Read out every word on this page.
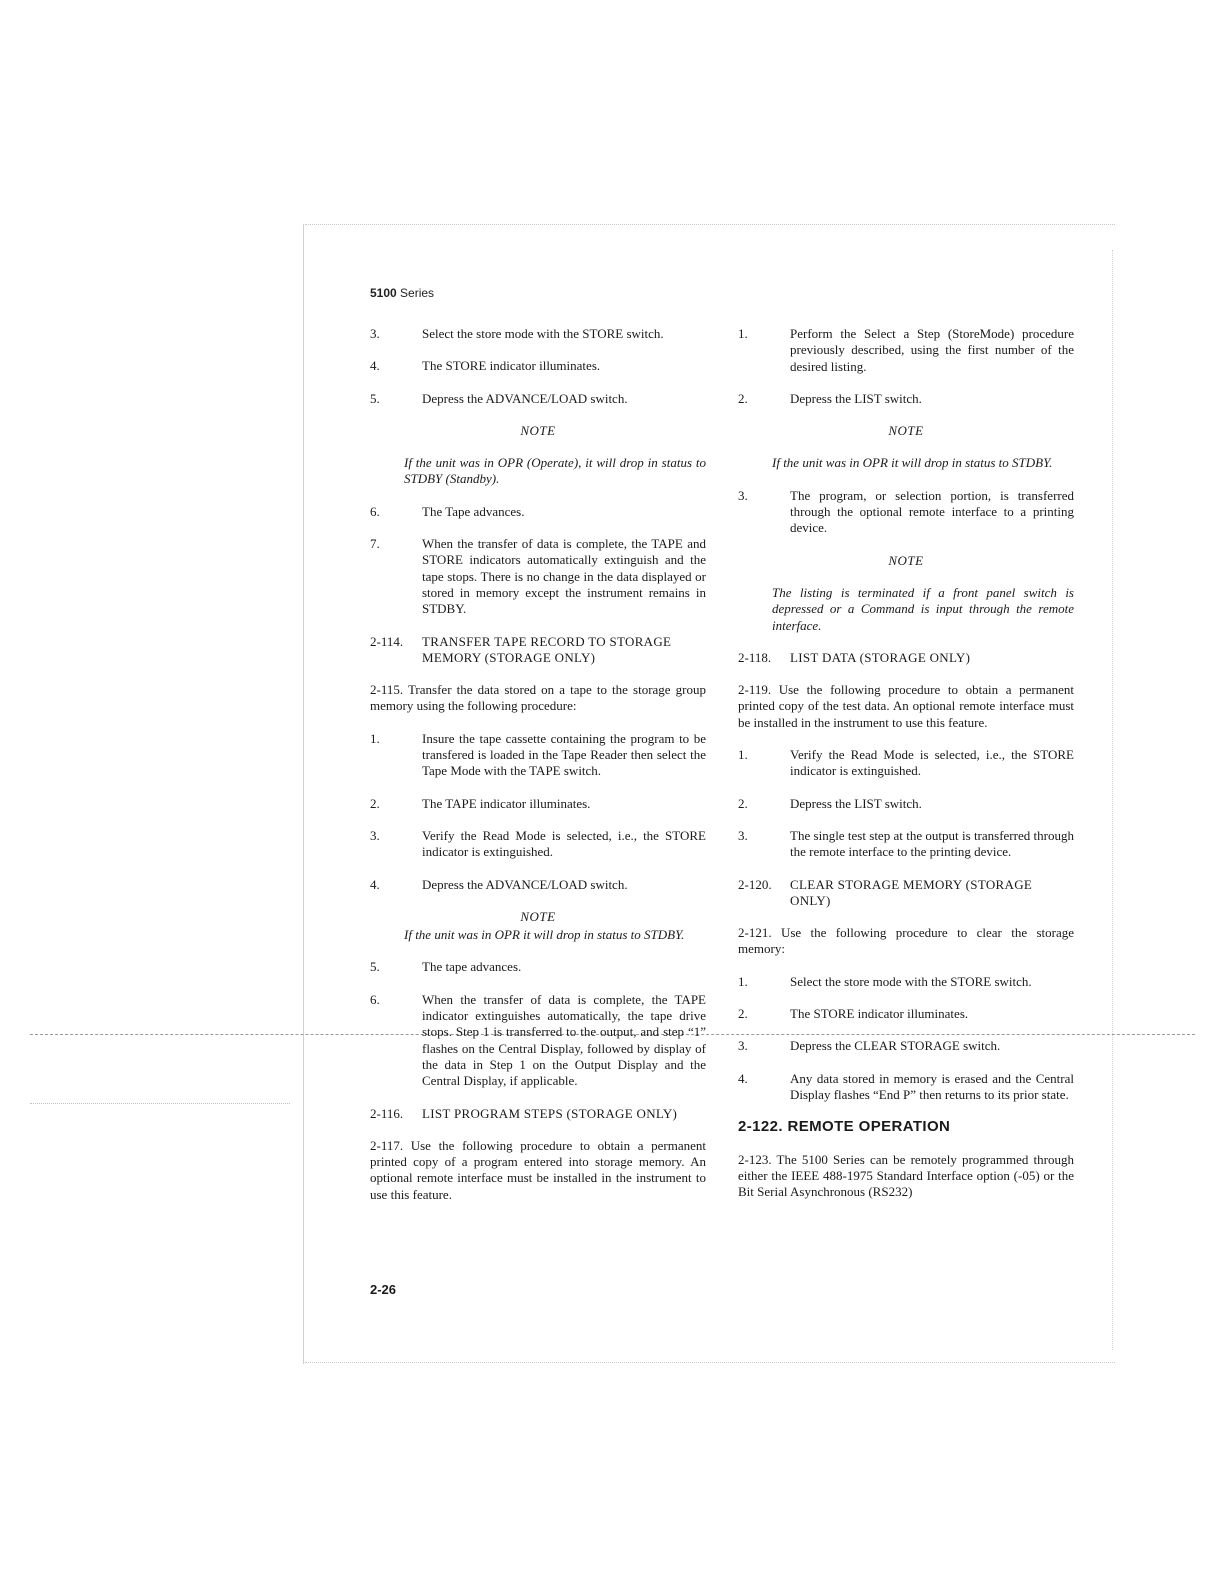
5100 Series
3.	Select the store mode with the STORE switch.
4.	The STORE indicator illuminates.
5.	Depress the ADVANCE/LOAD switch.
NOTE
If the unit was in OPR (Operate), it will drop in status to STDBY (Standby).
6.	The Tape advances.
7.	When the transfer of data is complete, the TAPE and STORE indicators automatically extinguish and the tape stops. There is no change in the data displayed or stored in memory except the instrument remains in STDBY.
2-114.	TRANSFER TAPE RECORD TO STORAGE MEMORY (STORAGE ONLY)
2-115. Transfer the data stored on a tape to the storage group memory using the following procedure:
1.	Insure the tape cassette containing the program to be transfered is loaded in the Tape Reader then select the Tape Mode with the TAPE switch.
2.	The TAPE indicator illuminates.
3.	Verify the Read Mode is selected, i.e., the STORE indicator is extinguished.
4.	Depress the ADVANCE/LOAD switch.
NOTE
If the unit was in OPR it will drop in status to STDBY.
5.	The tape advances.
6.	When the transfer of data is complete, the TAPE indicator extinguishes automatically, the tape drive stops. Step 1 is transferred to the output, and step “1” flashes on the Central Display, followed by display of the data in Step 1 on the Output Display and the Central Display, if applicable.
2-116.	LIST PROGRAM STEPS (STORAGE ONLY)
2-117. Use the following procedure to obtain a permanent printed copy of a program entered into storage memory. An optional remote interface must be installed in the instrument to use this feature.
1.	Perform the Select a Step (StoreMode) procedure previously described, using the first number of the desired listing.
2.	Depress the LIST switch.
NOTE
If the unit was in OPR it will drop in status to STDBY.
3.	The program, or selection portion, is transferred through the optional remote interface to a printing device.
NOTE
The listing is terminated if a front panel switch is depressed or a Command is input through the remote interface.
2-118.	LIST DATA (STORAGE ONLY)
2-119. Use the following procedure to obtain a permanent printed copy of the test data. An optional remote interface must be installed in the instrument to use this feature.
1.	Verify the Read Mode is selected, i.e., the STORE indicator is extinguished.
2.	Depress the LIST switch.
3.	The single test step at the output is transferred through the remote interface to the printing device.
2-120.	CLEAR STORAGE MEMORY (STORAGE ONLY)
2-121. Use the following procedure to clear the storage memory:
1.	Select the store mode with the STORE switch.
2.	The STORE indicator illuminates.
3.	Depress the CLEAR STORAGE switch.
4.	Any data stored in memory is erased and the Central Display flashes “End P” then returns to its prior state.
2-122. REMOTE OPERATION
2-123. The 5100 Series can be remotely programmed through either the IEEE 488-1975 Standard Interface option (-05) or the Bit Serial Asynchronous (RS232)
2-26
